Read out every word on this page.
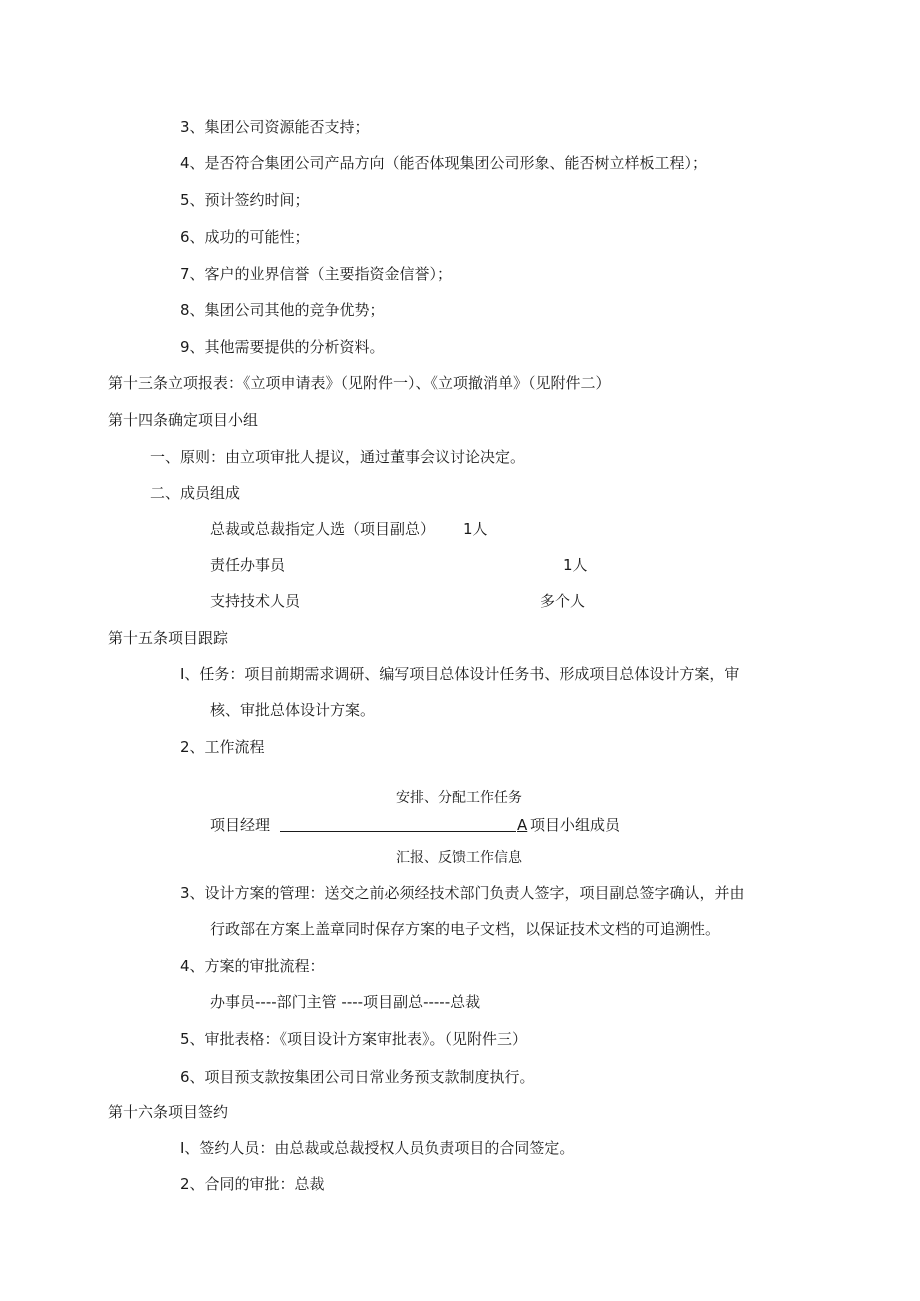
3、集团公司资源能否支持；
4、是否符合集团公司产品方向（能否体现集团公司形象、能否树立样板工程）；
5、预计签约时间；
6、成功的可能性；
7、客户的业界信誉（主要指资金信誉）；
8、集团公司其他的竞争优势；
9、其他需要提供的分析资料。
第十三条立项报表：《立项申请表》（见附件一）、《立项撤消单》（见附件二）
第十四条确定项目小组
一、原则：由立项审批人提议，通过董事会议讨论决定。
二、成员组成
总裁或总裁指定人选（项目副总） 1人
责任办事员	1人
支持技术人员	多个人
第十五条项目跟踪
I、任务：项目前期需求调研、编写项目总体设计任务书、形成项目总体设计方案，审
核、审批总体设计方案。
2、工作流程
安排、分配工作任务
项目经理	A 项目小组成员
汇报、反馈工作信息
3、设计方案的管理：送交之前必须经技术部门负责人签字，项目副总签字确认，并由
行政部在方案上盖章同时保存方案的电子文档，以保证技术文档的可追溯性。
4、方案的审批流程：
办事员----部门主管 ----项目副总-----总裁
5、审批表格：《项目设计方案审批表》。（见附件三）
6、项目预支款按集团公司日常业务预支款制度执行。
第十六条项目签约
I、签约人员：由总裁或总裁授权人员负责项目的合同签定。
2、合同的审批：总裁
